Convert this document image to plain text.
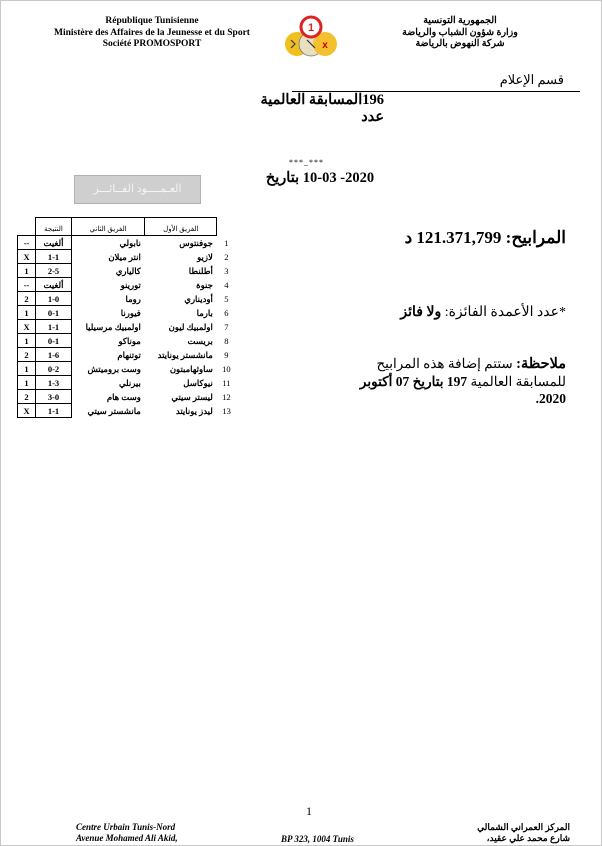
République Tunisienne
Ministère des Affaires de la Jeunesse et du Sport
Société PROMOSPORT
1
x
الجمهورية التونسية
وزارة شؤون الشباب والرياضة
شركة النهوض بالرياضة
قسم الإعلام
196المسابقة العالمية عدد
***_***
2020- 10-03 بتاريخ
العـمــــود الفــائـــز
	النتيجة	الفريق الثاني	الفريق الأول	
--	ألغيت	نابولي	جوفنتوس	1
X	1-1	انتر ميلان	لازيو	2
1	2-5	كالياري	أطلنطا	3
--	ألغيت	تورينو	جنوة	4
2	1-0	روما	أوديناري	5
1	0-1	فيورنا	بارما	6
X	1-1	اولمبيك مرسيليا	اولمبيك ليون	7
1	0-1	موناكو	بريست	8
2	1-6	توتنهام	مانشستر يونايتد	9
1	0-2	وست بروميتش	ساوثهامبتون	10
1	1-3	بيرنلي	نيوكاسل	11
2	3-0	وست هام	ليستر سيتي	12
X	1-1	مانشستر سيتي	ليدز يونايتد	13
المرابيح: 121.371,799 د
*عدد الأعمدة الفائزة: ولا فائز
ملاحظة: ستتم إضافة هذه المرابيح للمسابقة العالمية 197 بتاريخ 07 أكتوبر 2020.
1
Centre Urbain Tunis-Nord
Avenue Mohamed Ali Akid,	BP 323, 1004 Tunis
المركز العمراني الشمالي
شارع محمد علي عقيد،
